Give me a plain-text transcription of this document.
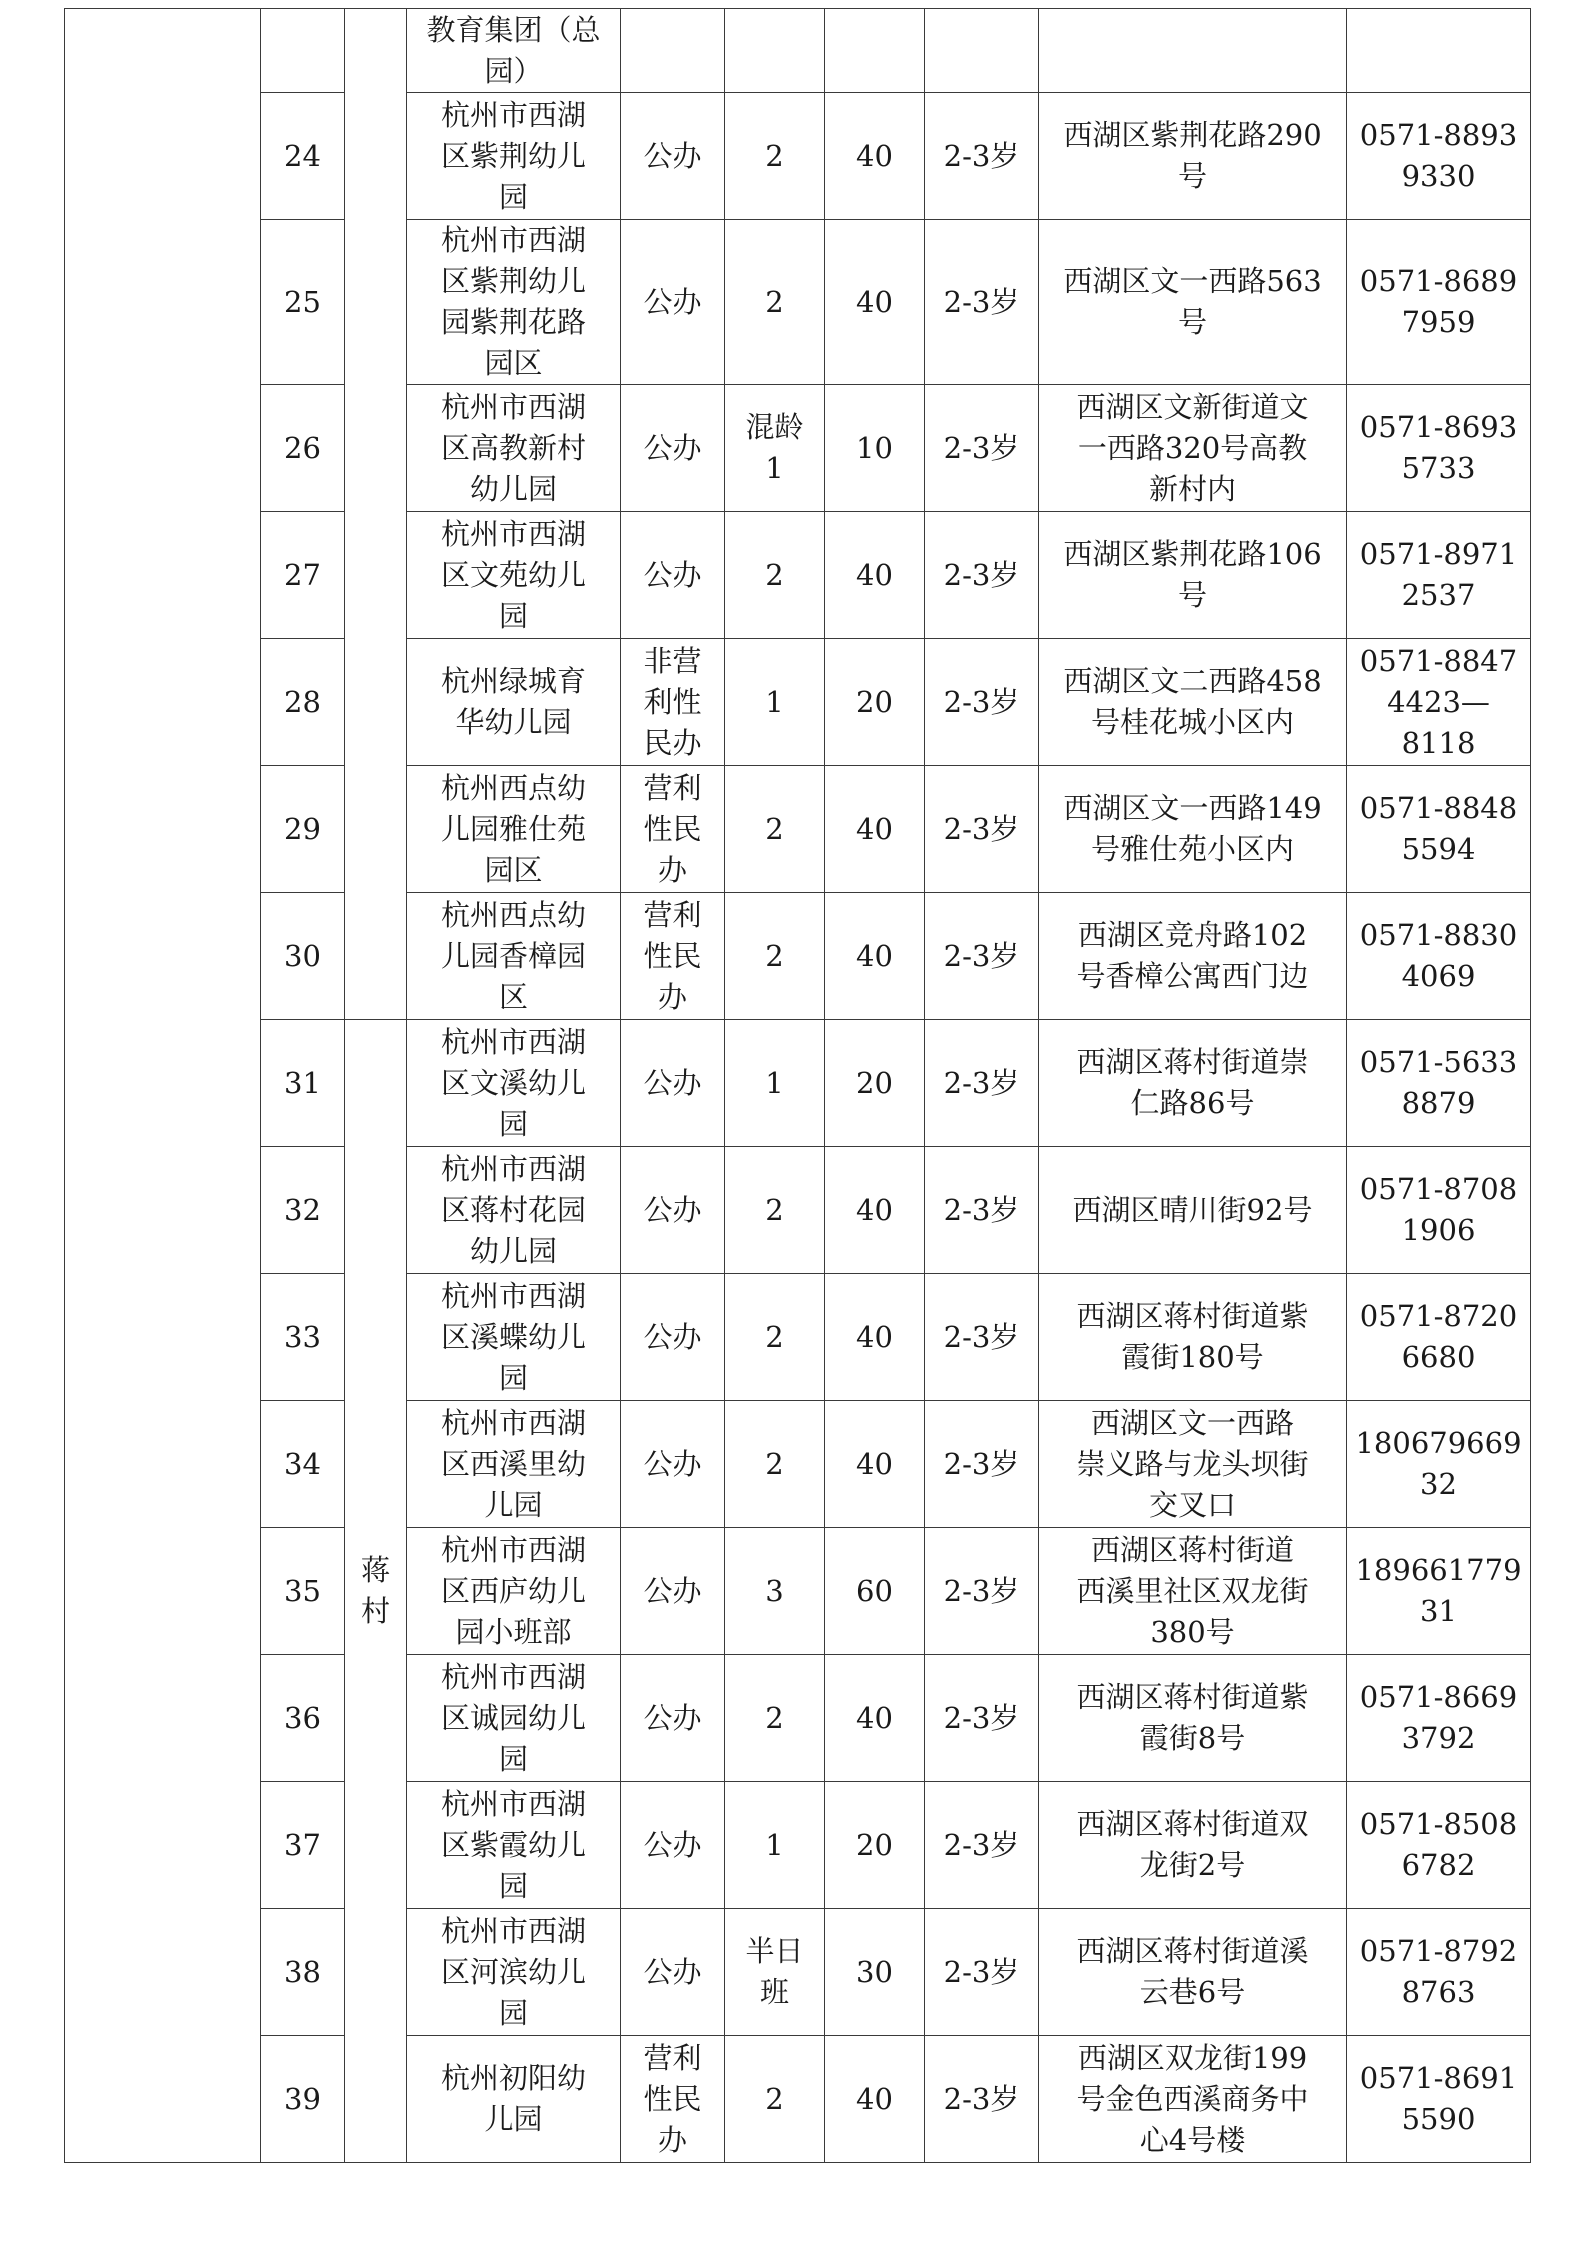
			教育集团（总
园）						
	24		杭州市西湖
区紫荆幼儿
园	公办	2	40	2-3岁	西湖区紫荆花路290
号	0571-8893
9330
	25		杭州市西湖
区紫荆幼儿
园紫荆花路
园区	公办	2	40	2-3岁	西湖区文一西路563
号	0571-8689
7959
	26		杭州市西湖
区高教新村
幼儿园	公办	混龄
1	10	2-3岁	西湖区文新街道文
一西路320号高教
新村内	0571-8693
5733
	27		杭州市西湖
区文苑幼儿
园	公办	2	40	2-3岁	西湖区紫荆花路106
号	0571-8971
2537
	28		杭州绿城育
华幼儿园	非营
利性
民办	1	20	2-3岁	西湖区文二西路458
号桂花城小区内	0571-8847
4423—
8118
	29		杭州西点幼
儿园雅仕苑
园区	营利
性民
办	2	40	2-3岁	西湖区文一西路149
号雅仕苑小区内	0571-8848
5594
	30		杭州西点幼
儿园香樟园
区	营利
性民
办	2	40	2-3岁	西湖区竞舟路102
号香樟公寓西门边	0571-8830
4069
	31	蒋村	杭州市西湖
区文溪幼儿
园	公办	1	20	2-3岁	西湖区蒋村街道崇
仁路86号	0571-5633
8879
	32		杭州市西湖
区蒋村花园
幼儿园	公办	2	40	2-3岁	西湖区晴川街92号	0571-8708
1906
	33		杭州市西湖
区溪蝶幼儿
园	公办	2	40	2-3岁	西湖区蒋村街道紫
霞街180号	0571-8720
6680
	34		杭州市西湖
区西溪里幼
儿园	公办	2	40	2-3岁	西湖区文一西路
崇义路与龙头坝街
交叉口	180679669
32
	35		杭州市西湖
区西庐幼儿
园小班部	公办	3	60	2-3岁	西湖区蒋村街道
西溪里社区双龙街
380号	189661779
31
	36		杭州市西湖
区诚园幼儿
园	公办	2	40	2-3岁	西湖区蒋村街道紫
霞街8号	0571-8669
3792
	37		杭州市西湖
区紫霞幼儿
园	公办	1	20	2-3岁	西湖区蒋村街道双
龙街2号	0571-8508
6782
	38		杭州市西湖
区河滨幼儿
园	公办	半日
班	30	2-3岁	西湖区蒋村街道溪
云巷6号	0571-8792
8763
	39		杭州初阳幼
儿园	营利
性民
办	2	40	2-3岁	西湖区双龙街199
号金色西溪商务中
心4号楼	0571-8691
5590
